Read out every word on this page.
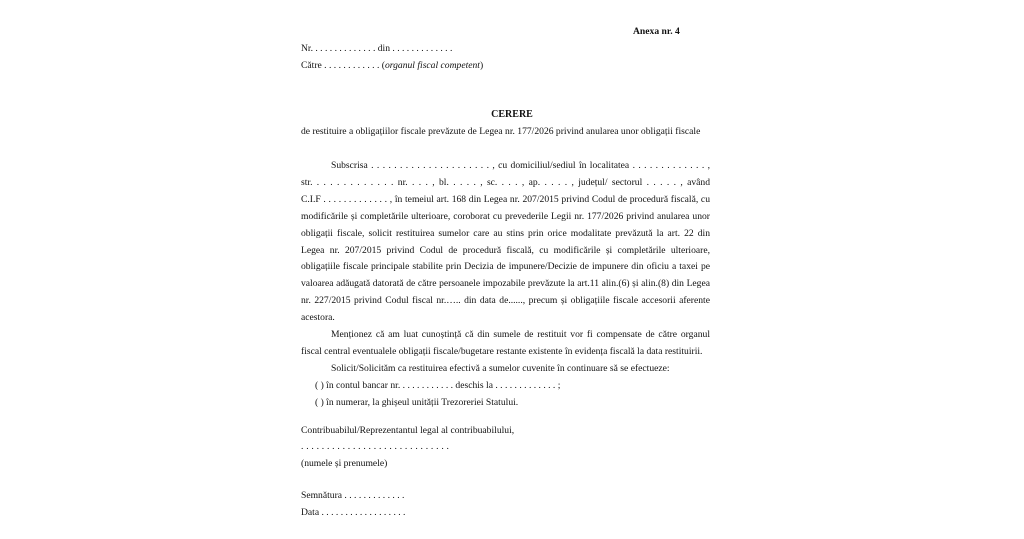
Anexa nr. 4
Nr. . . . . . . . . . . . . . din . . . . . . . . . . . . .
Către . . . . . . . . . . . . (organul fiscal competent)
CERERE
de restituire a obligațiilor fiscale prevăzute de Legea nr. 177/2026 privind anularea unor obligații fiscale

Subscrisa . . . . . . . . . . . . . . . . . . . . . , cu domiciliul/sediul în localitatea . . . . . . . . . . . . . ,

str. . . . . . . . . . . . . nr. . . . , bl. . . . . , sc. . . . , ap. . . . . , județul/ sectorul . . . . . , având

C.I.F . . . . . . . . . . . . . , în temeiul art. 168 din Legea nr. 207/2015 privind Codul de procedură fiscală, cu modificările și completările ulterioare, coroborat cu prevederile Legii nr. 177/2026 privind anularea unor obligații fiscale, solicit restituirea sumelor care au stins prin orice modalitate prevăzută la art. 22 din Legea nr. 207/2015 privind Codul de procedură fiscală, cu modificările și completările ulterioare, obligațiile fiscale principale stabilite prin Decizia de impunere/Decizie de impunere din oficiu a taxei pe valoarea adăugată datorată de către persoanele impozabile prevăzute la art.11 alin.(6) și alin.(8) din Legea nr. 227/2015 privind Codul fiscal nr.….. din data de......, precum și obligațiile fiscale accesorii aferente acestora.

Menționez că am luat cunoștință că din sumele de restituit vor fi compensate de către organul fiscal central eventualele obligații fiscale/bugetare restante existente în evidența fiscală la data restituirii.

Solicit/Solicităm ca restituirea efectivă a sumelor cuvenite în continuare să se efectueze:

( ) în contul bancar nr. . . . . . . . . . . . deschis la . . . . . . . . . . . . . ;

( ) în numerar, la ghișeul unității Trezoreriei Statului.

Contribuabilul/Reprezentantul legal al contribuabilului,
. . . . . . . . . . . . . . . . . . . . . . . . . . . . .
(numele și prenumele)
Semnătura . . . . . . . . . . . . .
Data . . . . . . . . . . . . . . . . . .
